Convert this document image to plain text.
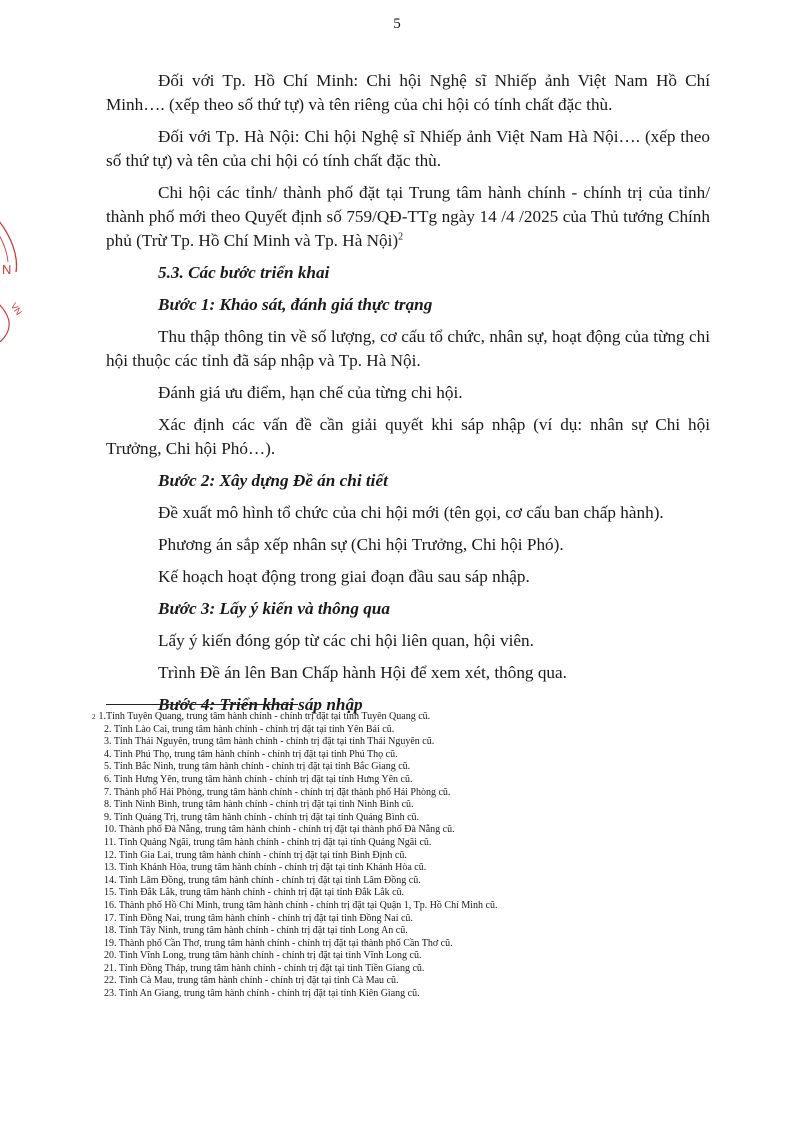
5
N
VN

Đối với Tp. Hồ Chí Minh: Chi hội Nghệ sĩ Nhiếp ảnh Việt Nam Hồ Chí Minh…. (xếp theo số thứ tự) và tên riêng của chi hội có tính chất đặc thù.

Đối với Tp. Hà Nội: Chi hội Nghệ sĩ Nhiếp ảnh Việt Nam Hà Nội…. (xếp theo số thứ tự) và tên của chi hội có tính chất đặc thù.

Chi hội các tỉnh/ thành phố đặt tại Trung tâm hành chính - chính trị của tỉnh/ thành phố mới theo Quyết định số 759/QĐ-TTg ngày 14 /4 /2025 của Thủ tướng Chính phủ (Trừ Tp. Hồ Chí Minh và Tp. Hà Nội)$^2$

5.3. Các bước triển khai

Bước 1: Khảo sát, đánh giá thực trạng

Thu thập thông tin về số lượng, cơ cấu tổ chức, nhân sự, hoạt động của từng chi hội thuộc các tỉnh đã sáp nhập và Tp. Hà Nội.

Đánh giá ưu điểm, hạn chế của từng chi hội.

Xác định các vấn đề cần giải quyết khi sáp nhập (ví dụ: nhân sự Chi hội Trưởng, Chi hội Phó…).

Bước 2: Xây dựng Đề án chi tiết

Đề xuất mô hình tổ chức của chi hội mới (tên gọi, cơ cấu ban chấp hành).

Phương án sắp xếp nhân sự (Chi hội Trưởng, Chi hội Phó).

Kế hoạch hoạt động trong giai đoạn đầu sau sáp nhập.

Bước 3: Lấy ý kiến và thông qua

Lấy ý kiến đóng góp từ các chi hội liên quan, hội viên.

Trình Đề án lên Ban Chấp hành Hội để xem xét, thông qua.

Bước 4: Triển khai sáp nhập

$^2$ 1.Tỉnh Tuyên Quang, trung tâm hành chính - chính trị đặt tại tỉnh Tuyên Quang cũ.
2. Tỉnh Lào Cai, trung tâm hành chính - chính trị đặt tại tỉnh Yên Bái cũ.
3. Tỉnh Thái Nguyên, trung tâm hành chính - chính trị đặt tại tỉnh Thái Nguyên cũ.
4. Tỉnh Phú Thọ, trung tâm hành chính - chính trị đặt tại tỉnh Phú Thọ cũ.
5. Tỉnh Bắc Ninh, trung tâm hành chính - chính trị đặt tại tỉnh Bắc Giang cũ.
6. Tỉnh Hưng Yên, trung tâm hành chính - chính trị đặt tại tỉnh Hưng Yên cũ.
7. Thành phố Hải Phòng, trung tâm hành chính - chính trị đặt thành phố Hải Phòng cũ.
8. Tỉnh Ninh Bình, trung tâm hành chính - chính trị đặt tại tỉnh Ninh Bình cũ.
9. Tỉnh Quảng Trị, trung tâm hành chính - chính trị đặt tại tỉnh Quảng Bình cũ.
10. Thành phố Đà Nẵng, trung tâm hành chính - chính trị đặt tại thành phố Đà Nẵng cũ.
11. Tỉnh Quảng Ngãi, trung tâm hành chính - chính trị đặt tại tỉnh Quảng Ngãi cũ.
12. Tỉnh Gia Lai, trung tâm hành chính - chính trị đặt tại tỉnh Bình Định cũ.
13. Tỉnh Khánh Hòa, trung tâm hành chính - chính trị đặt tại tỉnh Khánh Hòa cũ.
14. Tỉnh Lâm Đồng, trung tâm hành chính - chính trị đặt tại tỉnh Lâm Đồng cũ.
15. Tỉnh Đắk Lắk, trung tâm hành chính - chính trị đặt tại tỉnh Đắk Lắk cũ.
16. Thành phố Hồ Chí Minh, trung tâm hành chính - chính trị đặt tại Quận 1, Tp. Hồ Chí Minh cũ.
17. Tỉnh Đồng Nai, trung tâm hành chính - chính trị đặt tại tỉnh Đồng Nai cũ.
18. Tỉnh Tây Ninh, trung tâm hành chính - chính trị đặt tại tỉnh Long An cũ.
19. Thành phố Cần Thơ, trung tâm hành chính - chính trị đặt tại thành phố Cần Thơ cũ.
20. Tỉnh Vĩnh Long, trung tâm hành chính - chính trị đặt tại tỉnh Vĩnh Long cũ.
21. Tỉnh Đồng Tháp, trung tâm hành chính - chính trị đặt tại tỉnh Tiền Giang cũ.
22. Tỉnh Cà Mau, trung tâm hành chính - chính trị đặt tại tỉnh Cà Mau cũ.
23. Tỉnh An Giang, trung tâm hành chính - chính trị đặt tại tỉnh Kiên Giang cũ.
